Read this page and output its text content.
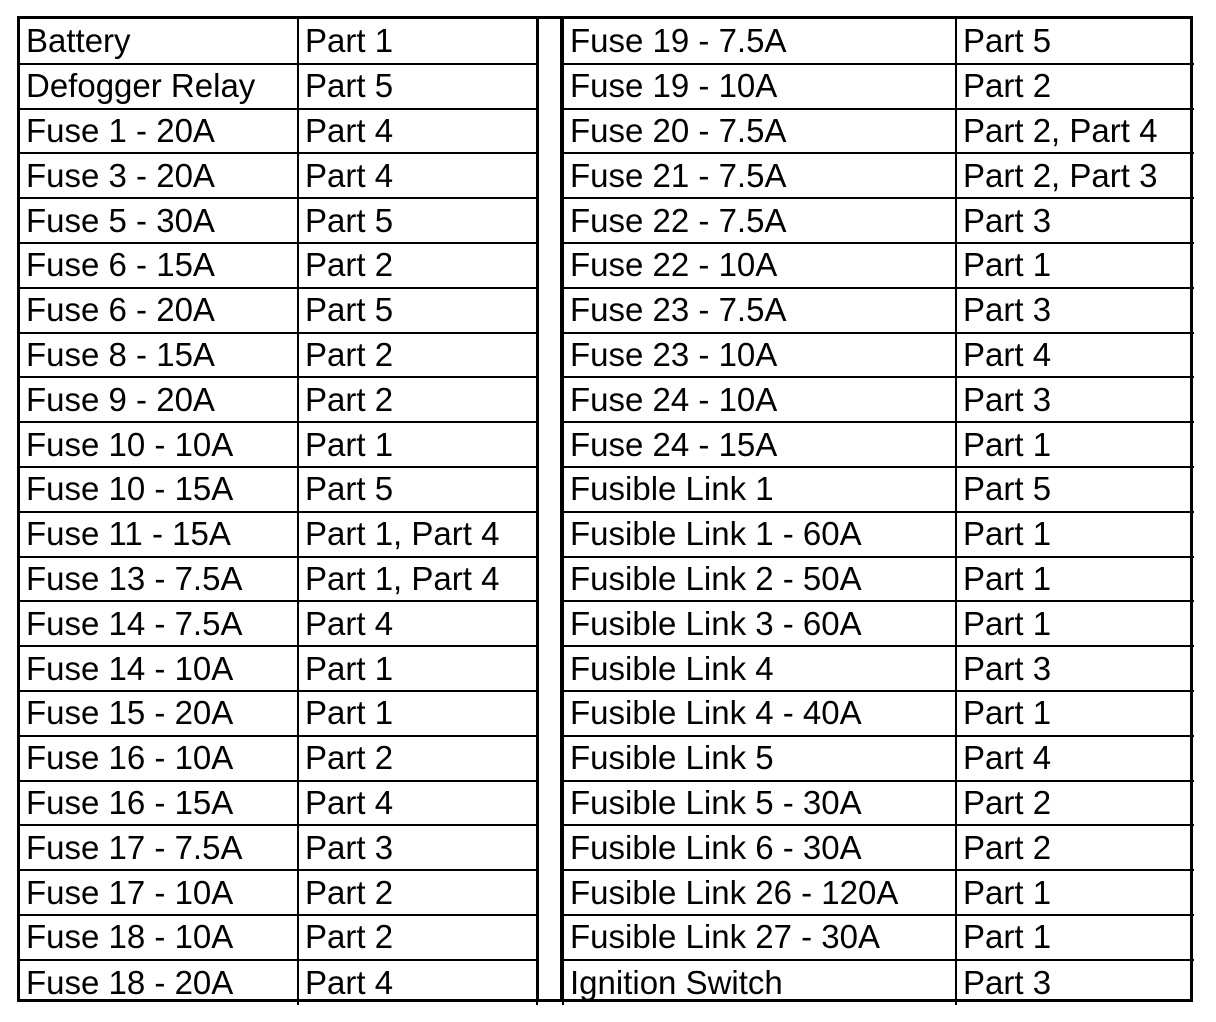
Battery	Part 1
Defogger Relay	Part 5
Fuse 1 - 20A	Part 4
Fuse 3 - 20A	Part 4
Fuse 5 - 30A	Part 5
Fuse 6 - 15A	Part 2
Fuse 6 - 20A	Part 5
Fuse 8 - 15A	Part 2
Fuse 9 - 20A	Part 2
Fuse 10 - 10A	Part 1
Fuse 10 - 15A	Part 5
Fuse 11 - 15A	Part 1, Part 4
Fuse 13 - 7.5A	Part 1, Part 4
Fuse 14 - 7.5A	Part 4
Fuse 14 - 10A	Part 1
Fuse 15 - 20A	Part 1
Fuse 16 - 10A	Part 2
Fuse 16 - 15A	Part 4
Fuse 17 - 7.5A	Part 3
Fuse 17 - 10A	Part 2
Fuse 18 - 10A	Part 2
Fuse 18 - 20A	Part 4
Fuse 19 - 7.5A	Part 5
Fuse 19 - 10A	Part 2
Fuse 20 - 7.5A	Part 2, Part 4
Fuse 21 - 7.5A	Part 2, Part 3
Fuse 22 - 7.5A	Part 3
Fuse 22 - 10A	Part 1
Fuse 23 - 7.5A	Part 3
Fuse 23 - 10A	Part 4
Fuse 24 - 10A	Part 3
Fuse 24 - 15A	Part 1
Fusible Link 1	Part 5
Fusible Link 1 - 60A	Part 1
Fusible Link 2 - 50A	Part 1
Fusible Link 3 - 60A	Part 1
Fusible Link 4	Part 3
Fusible Link 4 - 40A	Part 1
Fusible Link 5	Part 4
Fusible Link 5 - 30A	Part 2
Fusible Link 6 - 30A	Part 2
Fusible Link 26 - 120A	Part 1
Fusible Link 27 - 30A	Part 1
Ignition Switch	Part 3
